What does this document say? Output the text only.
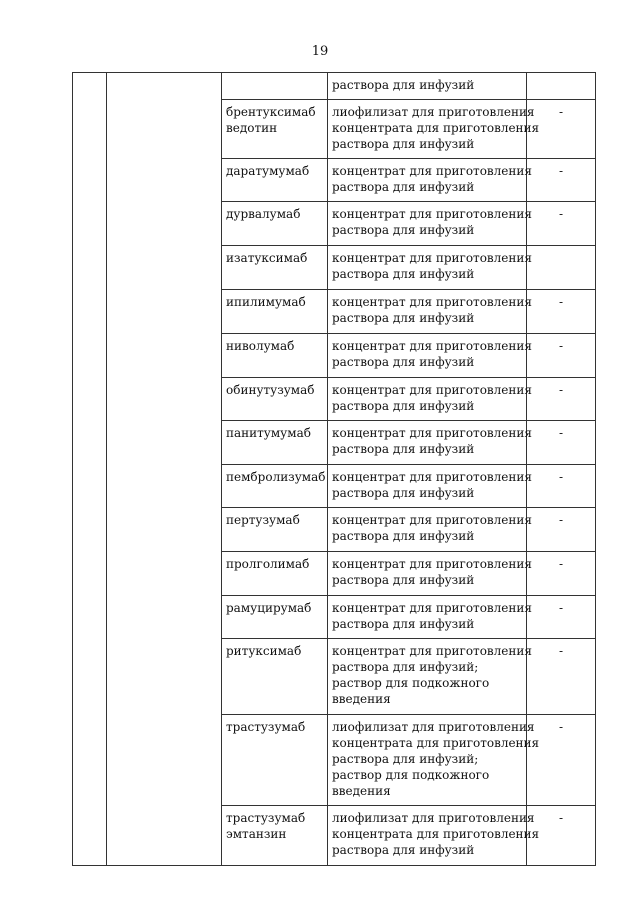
19

			раствора для инфузий	

		брентуксимаб
ведотин	лиофилизат для приготовления
концентрата для приготовления
раствора для инфузий	-

		даратумумаб	концентрат для приготовления
раствора для инфузий	-

		дурвалумаб	концентрат для приготовления
раствора для инфузий	-

		изатуксимаб	концентрат для приготовления
раствора для инфузий	

		ипилимумаб	концентрат для приготовления
раствора для инфузий	-

		ниволумаб	концентрат для приготовления
раствора для инфузий	-

		обинутузумаб	концентрат для приготовления
раствора для инфузий	-

		панитумумаб	концентрат для приготовления
раствора для инфузий	-

		пембролизумаб	концентрат для приготовления
раствора для инфузий	-

		пертузумаб	концентрат для приготовления
раствора для инфузий	-

		пролголимаб	концентрат для приготовления
раствора для инфузий	-

		рамуцирумаб	концентрат для приготовления
раствора для инфузий	-

		ритуксимаб	концентрат для приготовления
раствора для инфузий;
раствор для подкожного
введения	-

		трастузумаб	лиофилизат для приготовления
концентрата для приготовления
раствора для инфузий;
раствор для подкожного
введения	-

		трастузумаб
эмтанзин	лиофилизат для приготовления
концентрата для приготовления
раствора для инфузий	-
